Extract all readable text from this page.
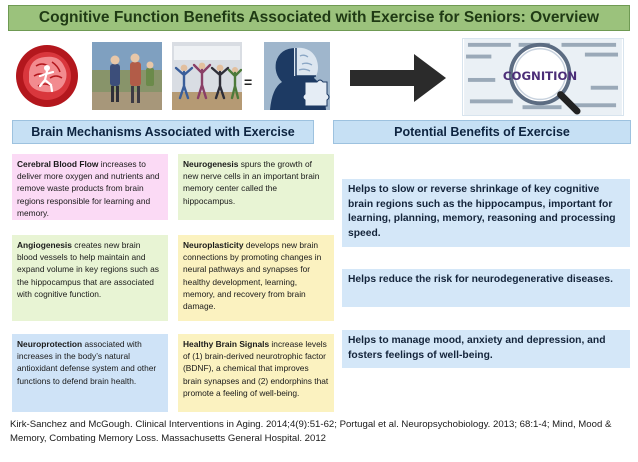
Cognitive Function Benefits Associated with Exercise for Seniors: Overview
=	COGNITION
Brain Mechanisms Associated with Exercise	Potential Benefits of Exercise
Cerebral Blood Flow increases to deliver more oxygen and nutrients and remove waste products from brain regions responsible for learning and memory.
Neurogenesis spurs the growth of new nerve cells in an important brain memory center called the hippocampus.
Angiogenesis creates new brain blood vessels to help maintain and expand volume in key regions such as the hippocampus that are associated with cognitive function.
Neuroplasticity develops new brain connections by promoting changes in neural pathways and synapses for healthy development, learning, memory, and recovery from brain damage.
Neuroprotection associated with increases in the body’s natural antioxidant defense system and other functions to defend brain health.
Healthy Brain Signals increase levels of (1) brain-derived neurotrophic factor (BDNF), a chemical that improves brain synapses and (2) endorphins that promote a feeling of well-being.
Helps to slow or reverse shrinkage of key cognitive brain regions such as the hippocampus, important for learning, planning, memory, reasoning and processing speed.
Helps reduce the risk for neurodegenerative diseases.
Helps to manage mood, anxiety and depression, and fosters feelings of well-being.
Kirk-Sanchez and McGough. Clinical Interventions in Aging. 2014;4(9):51-62; Portugal et al. Neuropsychobiology. 2013; 68:1-4; Mind, Mood & Memory, Combating Memory Loss. Massachusetts General Hospital. 2012
